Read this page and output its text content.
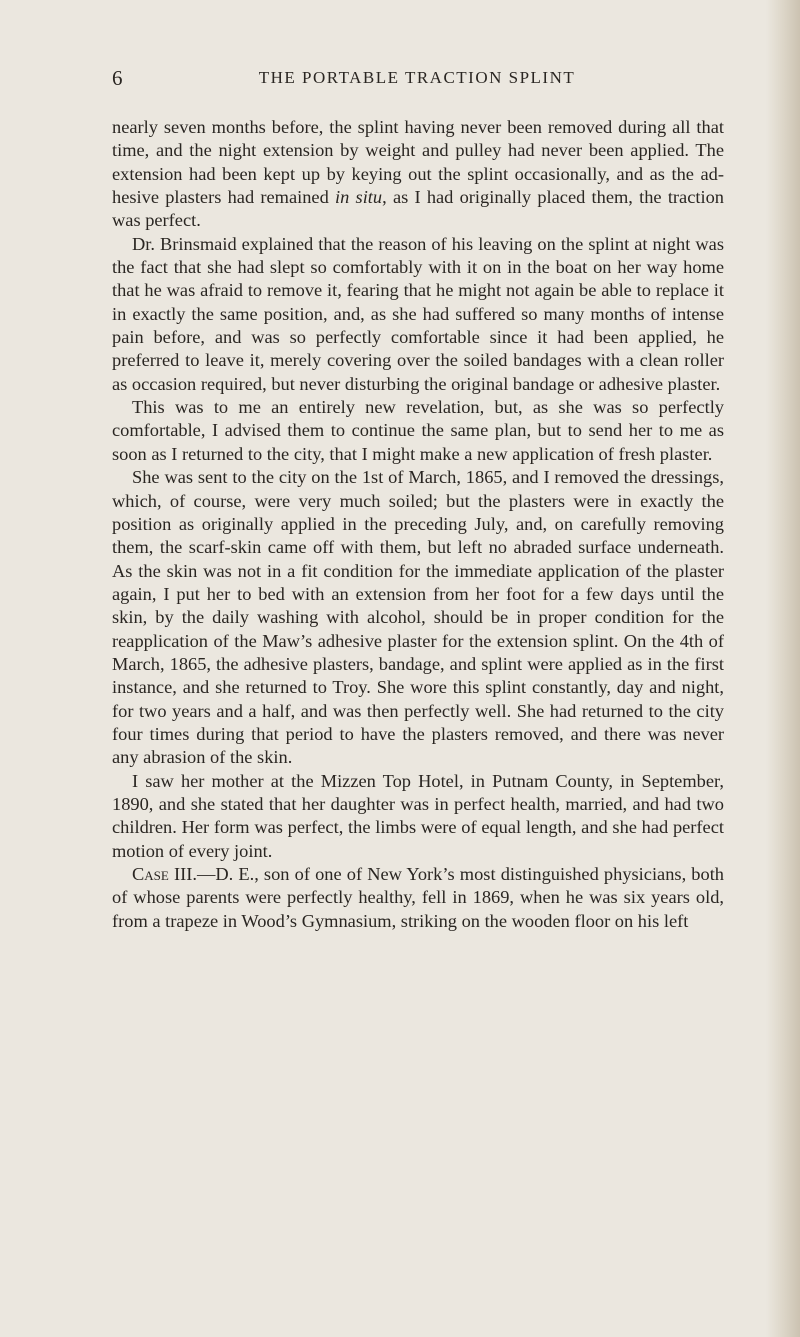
6	THE PORTABLE TRACTION SPLINT

nearly seven months before, the splint having never been removed during all that time, and the night extension by weight and pulley had never been applied. The extension had been kept up by keying out the splint occasionally, and as the adhesive plasters had remained in situ, as I had originally placed them, the traction was perfect.

Dr. Brinsmaid explained that the reason of his leaving on the splint at night was the fact that she had slept so comfortably with it on in the boat on her way home that he was afraid to remove it, fearing that he might not again be able to replace it in exactly the same position, and, as she had suffered so many months of intense pain before, and was so perfectly comfortable since it had been applied, he preferred to leave it, merely covering over the soiled bandages with a clean roller as occasion required, but never disturbing the original bandage or adhesive plaster.

This was to me an entirely new revelation, but, as she was so perfectly comfortable, I advised them to continue the same plan, but to send her to me as soon as I returned to the city, that I might make a new application of fresh plaster.

She was sent to the city on the 1st of March, 1865, and I removed the dressings, which, of course, were very much soiled; but the plasters were in exactly the position as originally applied in the preceding July, and, on carefully removing them, the scarf-skin came off with them, but left no abraded surface underneath. As the skin was not in a fit condition for the immediate application of the plaster again, I put her to bed with an extension from her foot for a few days until the skin, by the daily washing with alcohol, should be in proper condition for the reapplication of the Maw’s adhesive plaster for the extension splint. On the 4th of March, 1865, the adhesive plasters, bandage, and splint were applied as in the first instance, and she returned to Troy. She wore this splint constantly, day and night, for two years and a half, and was then perfectly well. She had returned to the city four times during that period to have the plasters removed, and there was never any abrasion of the skin.

I saw her mother at the Mizzen Top Hotel, in Putnam County, in September, 1890, and she stated that her daughter was in perfect health, married, and had two children. Her form was perfect, the limbs were of equal length, and she had perfect motion of every joint.

Case III.—D. E., son of one of New York’s most distinguished physicians, both of whose parents were perfectly healthy, fell in 1869, when he was six years old, from a trapeze in Wood’s Gymnasium, striking on the wooden floor on his left
